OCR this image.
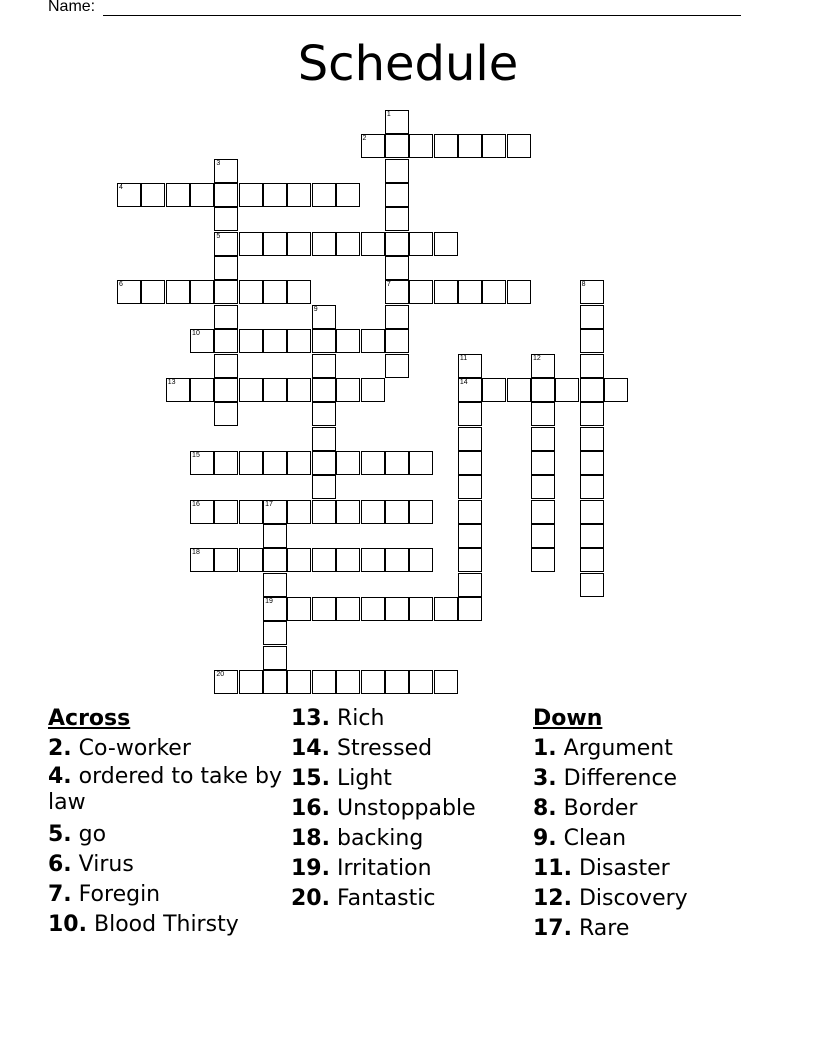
Name:
Schedule
1
7
2
3
5
4
6	8
9
10
11
14
12
13
15
16	17
19
18
20
Across
2. Co-worker
4. ordered to take by law
5. go
6. Virus
7. Foregin
10. Blood Thirsty
13. Rich
14. Stressed
15. Light
16. Unstoppable
18. backing
19. Irritation
20. Fantastic
Down
1. Argument
3. Difference
8. Border
9. Clean
11. Disaster
12. Discovery
17. Rare
